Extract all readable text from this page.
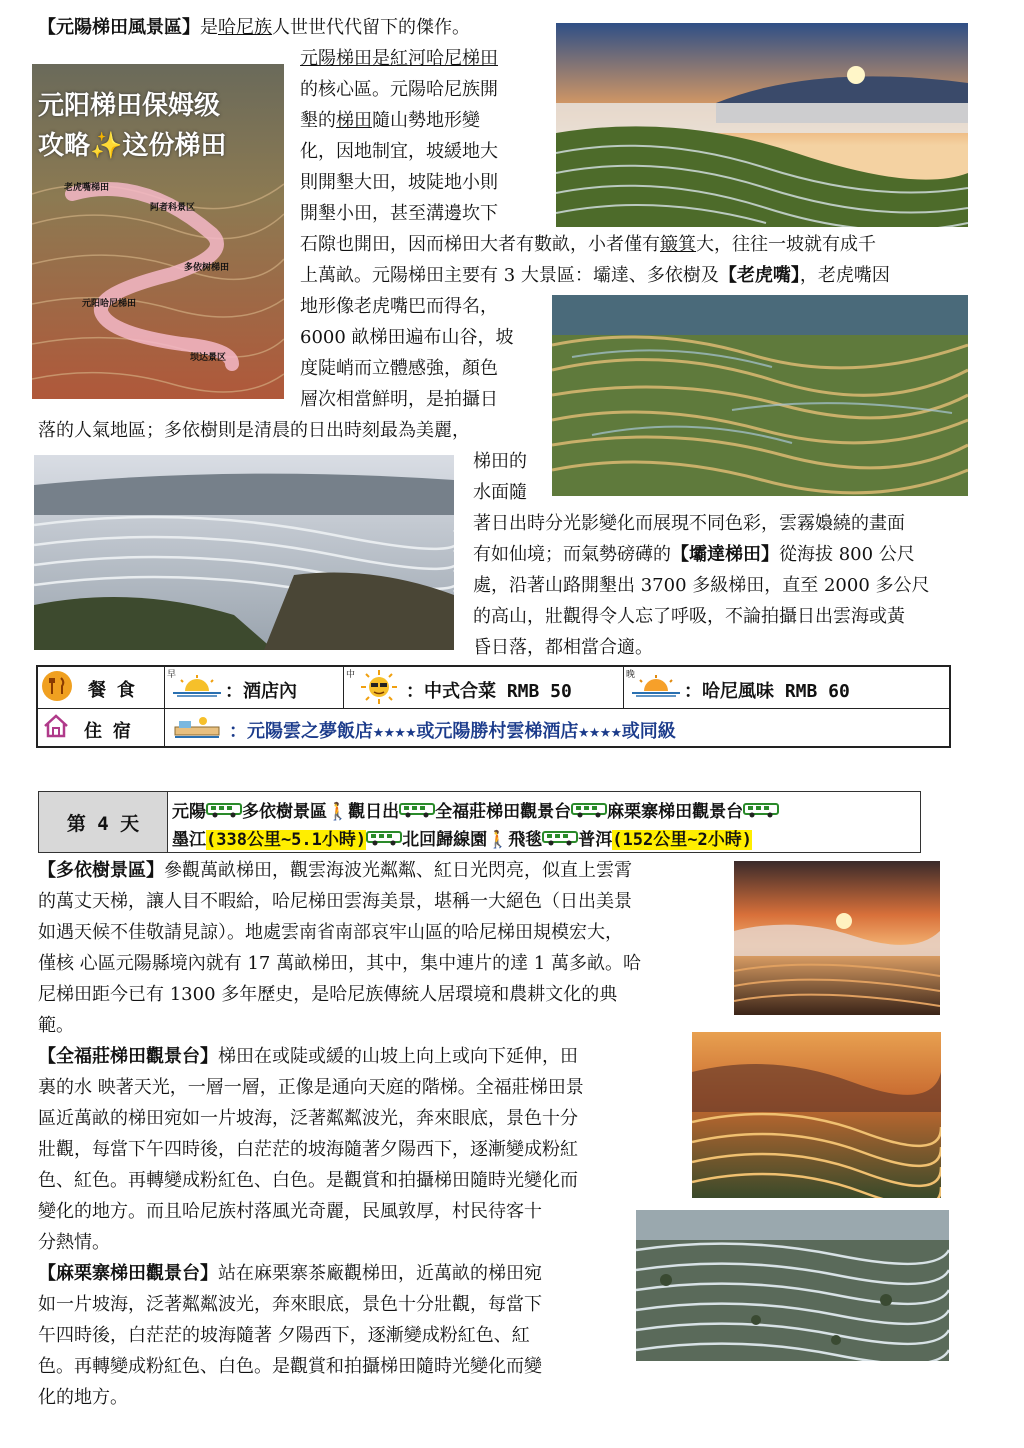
【元陽梯田風景區】是哈尼族人世世代代留下的傑作。
元陽梯田是紅河哈尼梯田
的核心區。元陽哈尼族開
墾的梯田隨山勢地形變
化，因地制宜，坡緩地大
則開墾大田，坡陡地小則
開墾小田，甚至溝邊坎下
石隙也開田，因而梯田大者有數畝，小者僅有簸箕大，往往一坡就有成千
上萬畝。元陽梯田主要有 3 大景區：壩達、多依樹及【老虎嘴】，老虎嘴因
地形像老虎嘴巴而得名，
6000 畝梯田遍布山谷，坡
度陡峭而立體感強，顏色
層次相當鮮明，是拍攝日
落的人氣地區；多依樹則是清晨的日出時刻最為美麗，
梯田的
水面隨
著日出時分光影變化而展現不同色彩，雲霧嬝繞的畫面
有如仙境；而氣勢磅礡的【壩達梯田】從海拔 800 公尺
處，沿著山路開墾出 3700 多級梯田，直至 2000 多公尺
的高山，壯觀得令人忘了呼吸，不論拍攝日出雲海或黃
昏日落，都相當合適。
元阳梯田保姆级
攻略✨这份梯田
老虎嘴梯田
阿者科景区
多依树梯田
元阳哈尼梯田
坝达景区
餐 食
早
：酒店內
中
：中式合菜 RMB 50
晚
：哈尼風味 RMB 60
住 宿	：元陽雲之夢飯店★★★★或元陽勝村雲梯酒店★★★★或同級
第 4 天
元陽 多依樹景區🚶觀日出 全福莊梯田觀景台 麻栗寨梯田觀景台
墨江(338公里~5.1小時) 北回歸線園🚶飛毯 普洱(152公里~2小時)
【多依樹景區】參觀萬畝梯田，觀雲海波光粼粼、紅日光閃亮，似直上雲霄
的萬丈天梯，讓人目不暇給，哈尼梯田雲海美景，堪稱一大絕色（日出美景
如遇天候不佳敬請見諒）。地處雲南省南部哀牢山區的哈尼梯田規模宏大，
僅核 心區元陽縣境內就有 17 萬畝梯田，其中，集中連片的達 1 萬多畝。哈
尼梯田距今已有 1300 多年歷史，是哈尼族傳統人居環境和農耕文化的典
範。
【全福莊梯田觀景台】梯田在或陡或緩的山坡上向上或向下延伸，田
裏的水 映著天光，一層一層，正像是通向天庭的階梯。全福莊梯田景
區近萬畝的梯田宛如一片坡海，泛著粼粼波光，奔來眼底，景色十分
壯觀，每當下午四時後，白茫茫的坡海隨著夕陽西下，逐漸變成粉紅
色、紅色。再轉變成粉紅色、白色。是觀賞和拍攝梯田隨時光變化而
變化的地方。而且哈尼族村落風光奇麗，民風敦厚，村民待客十
分熱情。
【麻栗寨梯田觀景台】站在麻栗寨茶廠觀梯田，近萬畝的梯田宛
如一片坡海，泛著粼粼波光，奔來眼底，景色十分壯觀，每當下
午四時後，白茫茫的坡海隨著 夕陽西下，逐漸變成粉紅色、紅
色。再轉變成粉紅色、白色。是觀賞和拍攝梯田隨時光變化而變
化的地方。
